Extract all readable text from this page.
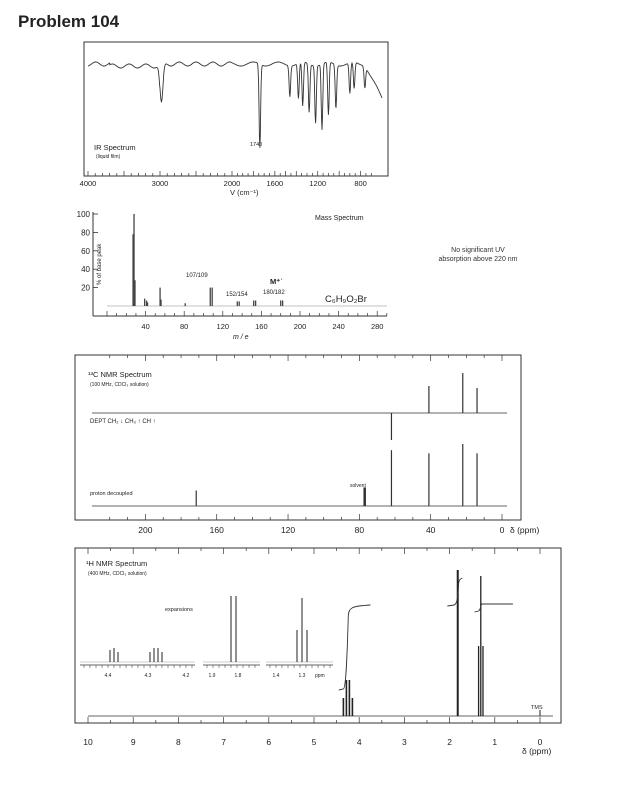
Problem 104
No significant UV
absorption above 220 nm
IR Spectrum
(liquid film)
1740
4000	3000	2000	1600	1200	800
V (cm⁻¹)
100
80
60
40
20
40	80	120	160	200	240	280
% of base peak
Mass Spectrum
C₆H₉O₂Br
107/109
152/154
M⁺˙
180/182
m / e
¹³C NMR Spectrum
(100 MHz, CDCl₃ solution)
DEPT CH₂ ↓ CH₃ ↑ CH ↑
proton decoupled
solvent
200	160	120	80	40	0 δ (ppm)
¹H NMR Spectrum
(400 MHz, CDCl₃ solution)
expansions
TMS
4.4	4.3	4.2	1.9	1.8	1.4	1.3 ppm
10	9	8	7	6	5	4	3	2	1	0
δ (ppm)
